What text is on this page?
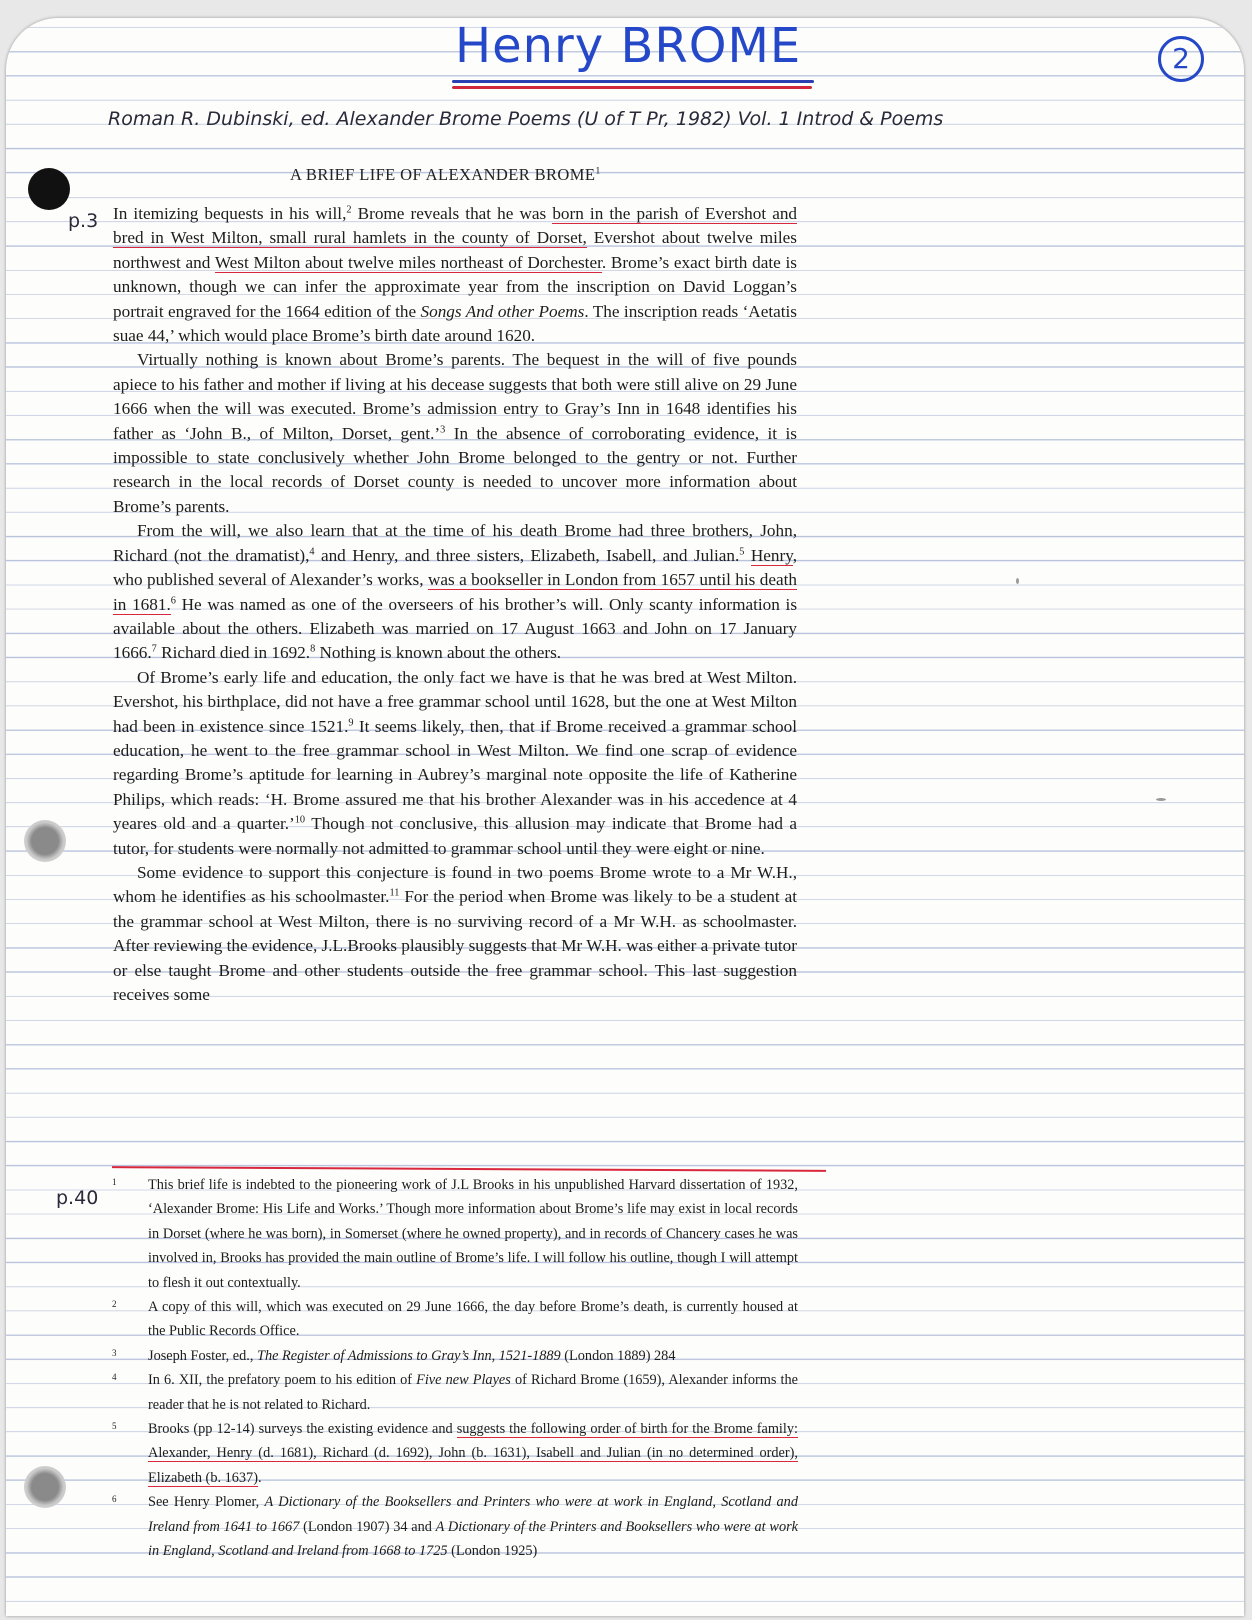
Henry BROME	2
Roman R. Dubinski, ed. Alexander Brome Poems (U of T Pr, 1982) Vol. 1 Introd & Poems
p.3
p.40
A BRIEF LIFE OF ALEXANDER BROME$^1$

In itemizing bequests in his will,$^2$ Brome reveals that he was born in the parish of Evershot and bred in West Milton, small rural hamlets in the county of Dorset, Evershot about twelve miles northwest and West Milton about twelve miles northeast of Dorchester. Brome’s exact birth date is unknown, though we can infer the approximate year from the inscription on David Loggan’s portrait engraved for the 1664 edition of the Songs And other Poems. The inscription reads ‘Aetatis suae 44,’ which would place Brome’s birth date around 1620.

Virtually nothing is known about Brome’s parents. The bequest in the will of five pounds apiece to his father and mother if living at his decease suggests that both were still alive on 29 June 1666 when the will was executed. Brome’s admission entry to Gray’s Inn in 1648 identifies his father as ‘John B., of Milton, Dorset, gent.’$^3$ In the absence of corroborating evidence, it is impossible to state conclusively whether John Brome belonged to the gentry or not. Further research in the local records of Dorset county is needed to uncover more information about Brome’s parents.

From the will, we also learn that at the time of his death Brome had three brothers, John, Richard (not the dramatist),$^4$ and Henry, and three sisters, Elizabeth, Isabell, and Julian.$^5$ Henry, who published several of Alexander’s works, was a bookseller in London from 1657 until his death in 1681.$^6$ He was named as one of the overseers of his brother’s will. Only scanty information is available about the others. Elizabeth was married on 17 August 1663 and John on 17 January 1666.$^7$ Richard died in 1692.$^8$ Nothing is known about the others.

Of Brome’s early life and education, the only fact we have is that he was bred at West Milton. Evershot, his birthplace, did not have a free grammar school until 1628, but the one at West Milton had been in existence since 1521.$^9$ It seems likely, then, that if Brome received a grammar school education, he went to the free grammar school in West Milton. We find one scrap of evidence regarding Brome’s aptitude for learning in Aubrey’s marginal note opposite the life of Katherine Philips, which reads: ‘H. Brome assured me that his brother Alexander was in his accedence at 4 yeares old and a quarter.’$^{10}$ Though not conclusive, this allusion may indicate that Brome had a tutor, for students were normally not admitted to grammar school until they were eight or nine.

Some evidence to support this conjecture is found in two poems Brome wrote to a Mr W.H., whom he identifies as his schoolmaster.$^{11}$ For the period when Brome was likely to be a student at the grammar school at West Milton, there is no surviving record of a Mr W.H. as schoolmaster. After reviewing the evidence, J.L.Brooks plausibly suggests that Mr W.H. was either a private tutor or else taught Brome and other students outside the free grammar school. This last suggestion receives some

1	This brief life is indebted to the pioneering work of J.L Brooks in his unpublished Harvard dissertation of 1932, ‘Alexander Brome: His Life and Works.’ Though more information about Brome’s life may exist in local records in Dorset (where he was born), in Somerset (where he owned property), and in records of Chancery cases he was involved in, Brooks has provided the main outline of Brome’s life. I will follow his outline, though I will attempt to flesh it out contextually.
2	A copy of this will, which was executed on 29 June 1666, the day before Brome’s death, is currently housed at the Public Records Office.
3	Joseph Foster, ed., The Register of Admissions to Gray’s Inn, 1521-1889 (London 1889) 284
4	In 6. XII, the prefatory poem to his edition of Five new Playes of Richard Brome (1659), Alexander informs the reader that he is not related to Richard.
5	Brooks (pp 12-14) surveys the existing evidence and suggests the following order of birth for the Brome family: Alexander, Henry (d. 1681), Richard (d. 1692), John (b. 1631), Isabell and Julian (in no determined order), Elizabeth (b. 1637).
6	See Henry Plomer, A Dictionary of the Booksellers and Printers who were at work in England, Scotland and Ireland from 1641 to 1667 (London 1907) 34 and A Dictionary of the Printers and Booksellers who were at work in England, Scotland and Ireland from 1668 to 1725 (London 1925)
